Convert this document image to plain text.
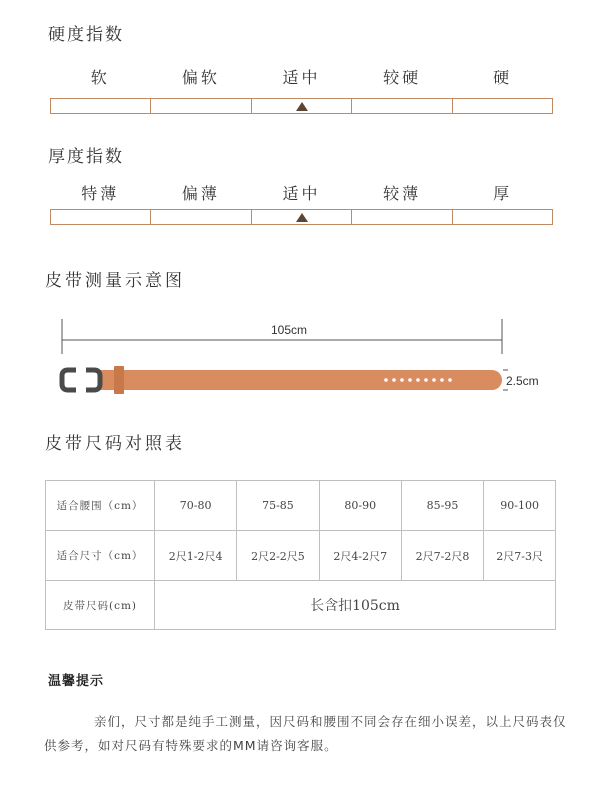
硬度指数
软	偏软	适中	较硬	硬
厚度指数
特薄	偏薄	适中	较薄	厚
皮带测量示意图
105cm
2.5cm
皮带尺码对照表
适合腰围（cm）	70-80	75-85	80-90	85-95	90-100
适合尺寸（cm）	2尺1-2尺4	2尺2-2尺5	2尺4-2尺7	2尺7-2尺8	2尺7-3尺
皮带尺码(cm)	长含扣105cm				
温馨提示
亲们，尺寸都是纯手工测量，因尺码和腰围不同会存在细小误差，以上尺码表仅供参考，如对尺码有特殊要求的MM请咨询客服。
